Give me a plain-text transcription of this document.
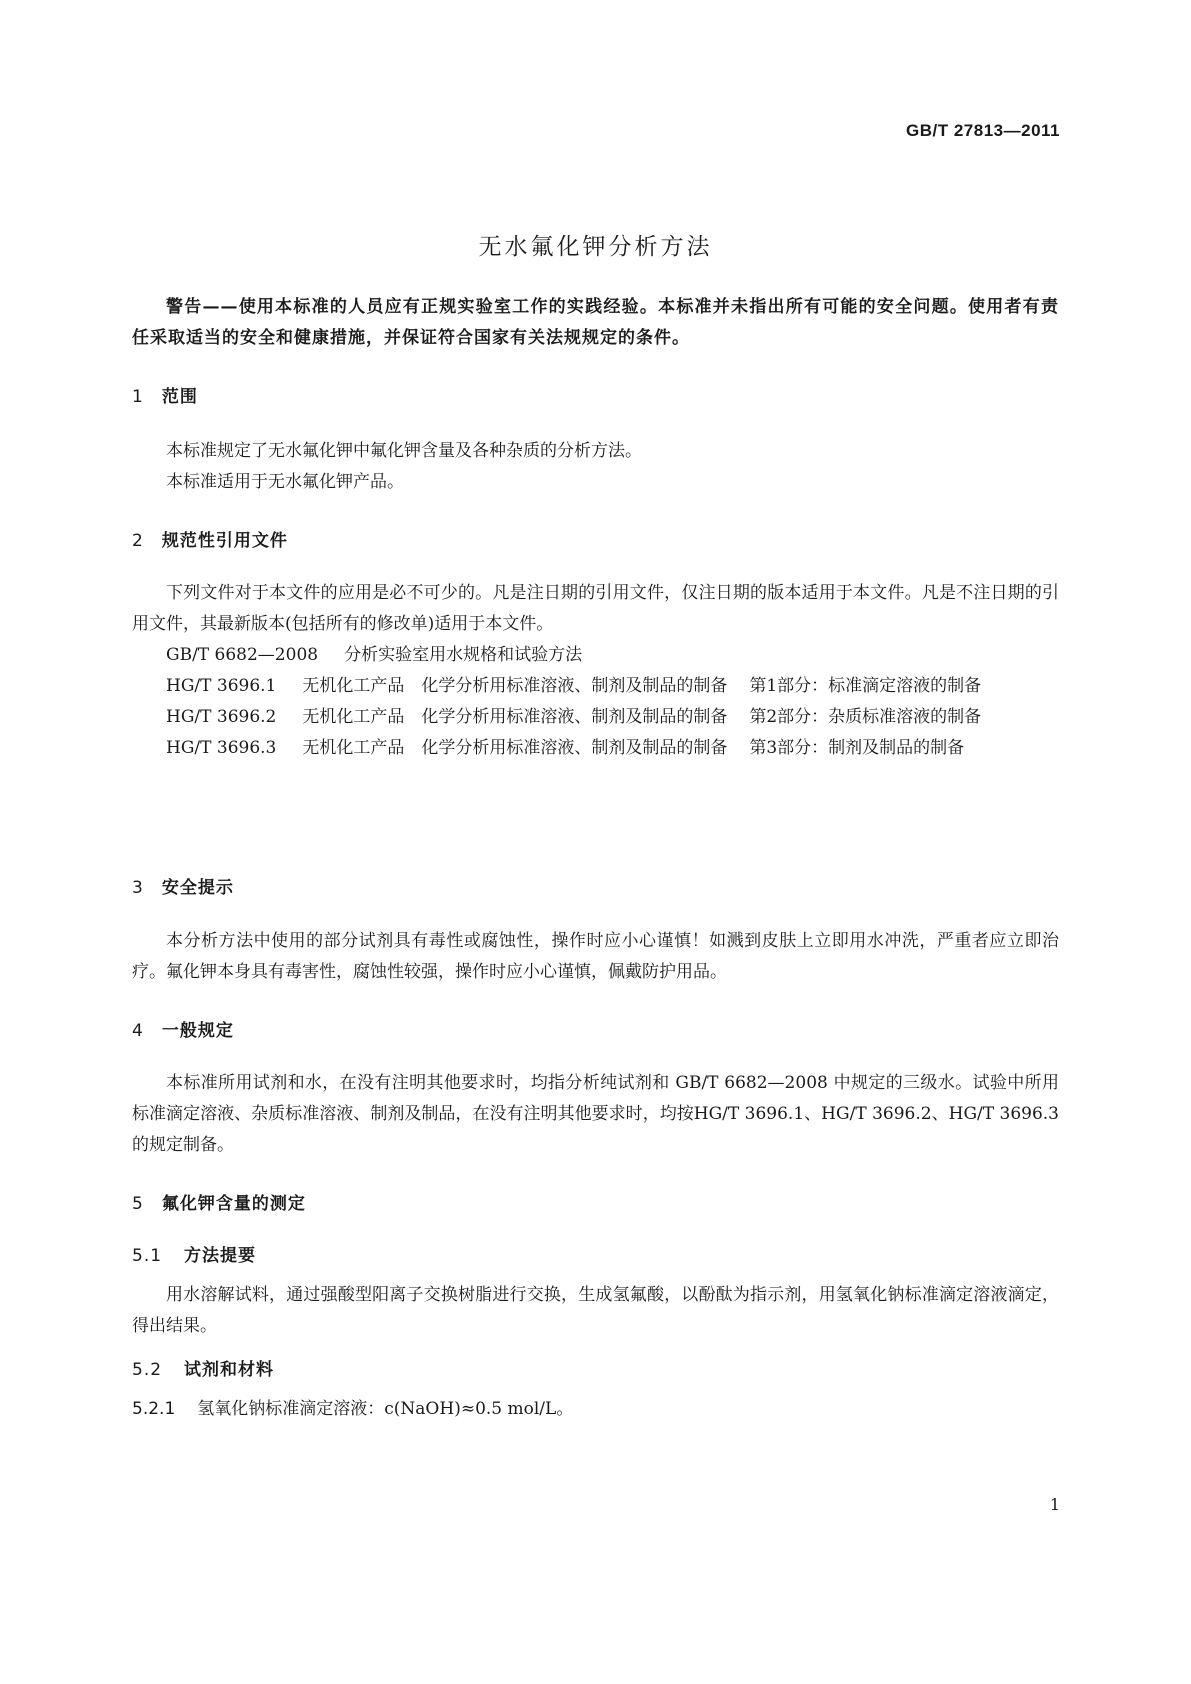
GB/T 27813—2011
无水氟化钾分析方法

警告——使用本标准的人员应有正规实验室工作的实践经验。本标准并未指出所有可能的安全问题。使用者有责任采取适当的安全和健康措施，并保证符合国家有关法规规定的条件。

1 范围

本标准规定了无水氟化钾中氟化钾含量及各种杂质的分析方法。

本标准适用于无水氟化钾产品。

2 规范性引用文件

下列文件对于本文件的应用是必不可少的。凡是注日期的引用文件，仅注日期的版本适用于本文件。凡是不注日期的引用文件，其最新版本(包括所有的修改单)适用于本文件。

GB/T 6682—2008 分析实验室用水规格和试验方法

HG/T 3696.1 无机化工产品　化学分析用标准溶液、制剂及制品的制备 第1部分：标准滴定溶液的制备

HG/T 3696.2 无机化工产品　化学分析用标准溶液、制剂及制品的制备 第2部分：杂质标准溶液的制备

HG/T 3696.3 无机化工产品　化学分析用标准溶液、制剂及制品的制备 第3部分：制剂及制品的制备

3 安全提示

本分析方法中使用的部分试剂具有毒性或腐蚀性，操作时应小心谨慎！如溅到皮肤上立即用水冲洗，严重者应立即治疗。氟化钾本身具有毒害性，腐蚀性较强，操作时应小心谨慎，佩戴防护用品。

4 一般规定

本标准所用试剂和水，在没有注明其他要求时，均指分析纯试剂和 GB/T 6682—2008 中规定的三级水。试验中所用标准滴定溶液、杂质标准溶液、制剂及制品，在没有注明其他要求时，均按HG/T 3696.1、HG/T 3696.2、HG/T 3696.3 的规定制备。

5 氟化钾含量的测定
5.1 方法提要

用水溶解试料，通过强酸型阳离子交换树脂进行交换，生成氢氟酸，以酚酞为指示剂，用氢氧化钠标准滴定溶液滴定，得出结果。

5.2 试剂和材料

5.2.1 氢氧化钠标准滴定溶液：c(NaOH)≈0.5 mol/L。

1
